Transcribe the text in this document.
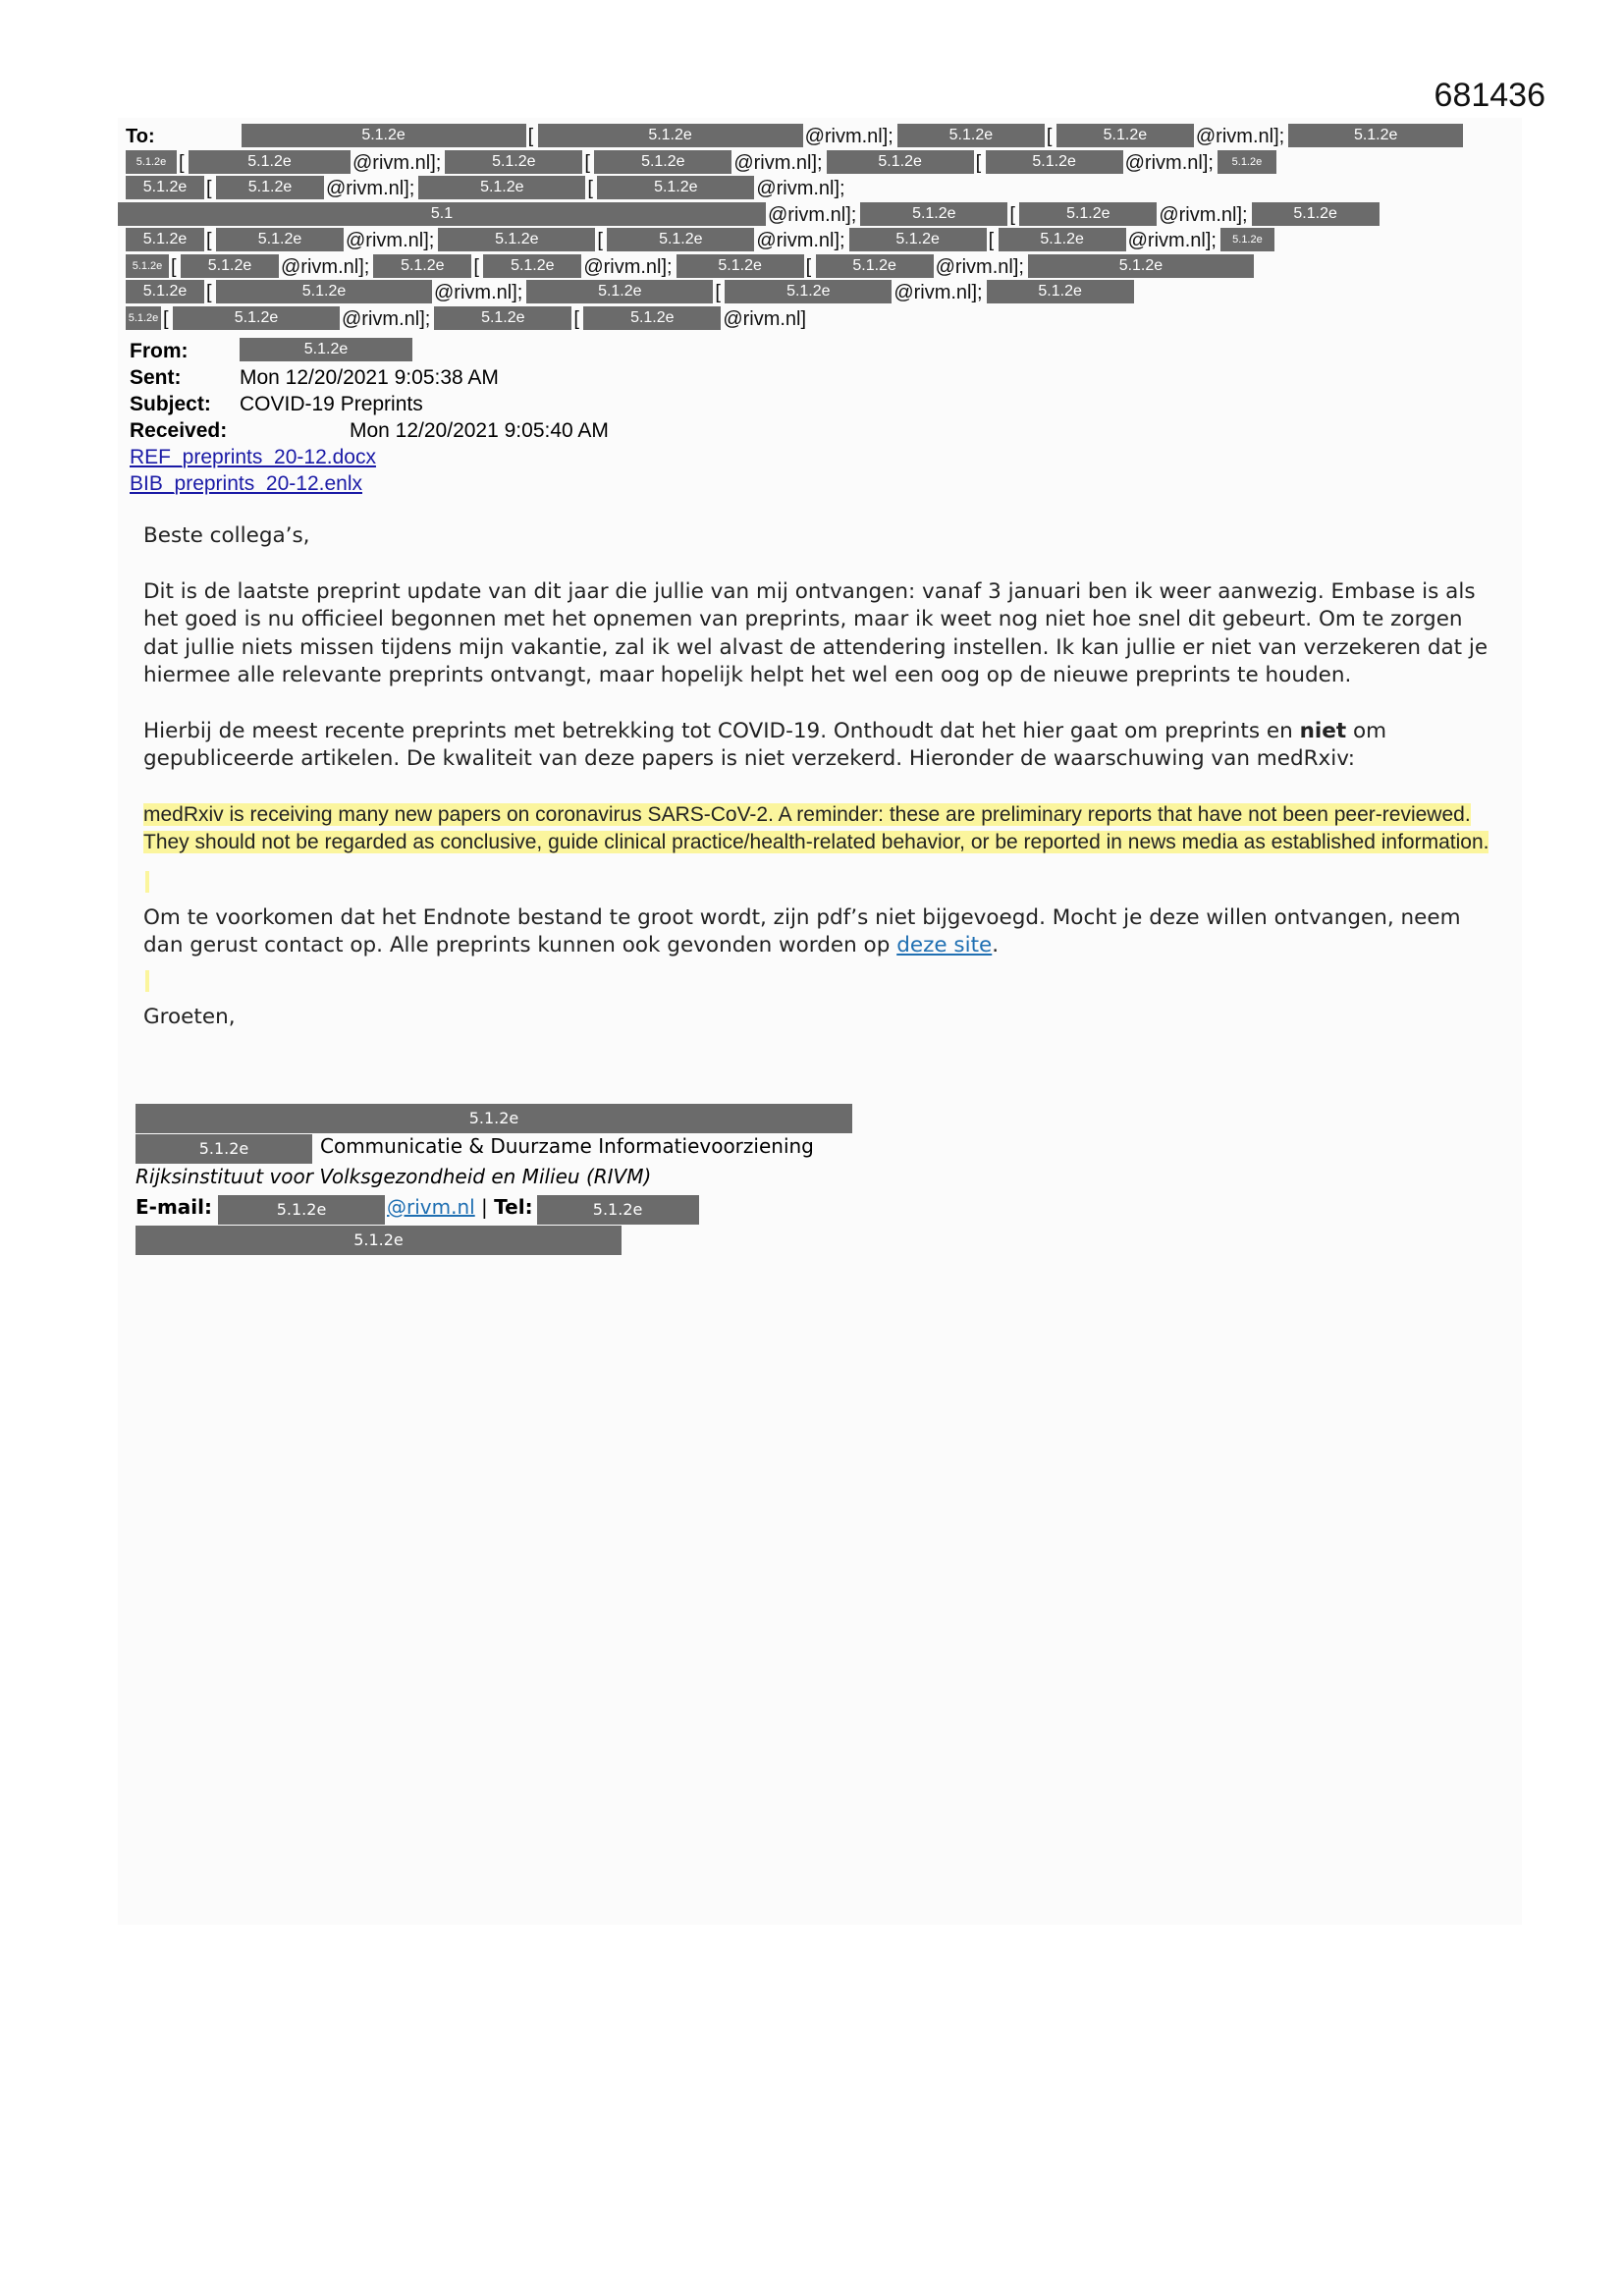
681436
To:	5.1.2e	[	5.1.2e	@rivm.nl];	5.1.2e	[	5.1.2e @rivm.nl];	5.1.2e
5.1.2e [	5.1.2e	@rivm.nl];	5.1.2e [	5.1.2e @rivm.nl];	5.1.2e	[	5.1.2e @rivm.nl]; 5.1.2e
5.1.2e [ 5.1.2e @rivm.nl];	5.1.2e	[	5.1.2e	@rivm.nl];
5.1	@rivm.nl];	5.1.2e	[	5.1.2e @rivm.nl];	5.1.2e
5.1.2e [	5.1.2e @rivm.nl];	5.1.2e	[	5.1.2e	@rivm.nl];	5.1.2e [	5.1.2e @rivm.nl]; 5.1.2e
5.1.2e [ 5.1.2e @rivm.nl]; 5.1.2e [ 5.1.2e @rivm.nl];	5.1.2e [	5.1.2e @rivm.nl];	5.1.2e
5.1.2e [	5.1.2e	@rivm.nl];	5.1.2e	[	5.1.2e	@rivm.nl];	5.1.2e
5.1.2e [	5.1.2e	@rivm.nl];	5.1.2e [	5.1.2e @rivm.nl]
From:	5.1.2e
Sent:	Mon 12/20/2021 9:05:38 AM
Subject: COVID-19 Preprints
Received:	Mon 12/20/2021 9:05:40 AM
REF_preprints_20-12.docx
BIB_preprints_20-12.enlx

Beste collega’s,

Dit is de laatste preprint update van dit jaar die jullie van mij ontvangen: vanaf 3 januari ben ik weer aanwezig. Embase is als het goed is nu officieel begonnen met het opnemen van preprints, maar ik weet nog niet hoe snel dit gebeurt. Om te zorgen dat jullie niets missen tijdens mijn vakantie, zal ik wel alvast de attendering instellen. Ik kan jullie er niet van verzekeren dat je hiermee alle relevante preprints ontvangt, maar hopelijk helpt het wel een oog op de nieuwe preprints te houden.

Hierbij de meest recente preprints met betrekking tot COVID-19. Onthoudt dat het hier gaat om preprints en niet om gepubliceerde artikelen. De kwaliteit van deze papers is niet verzekerd. Hieronder de waarschuwing van medRxiv:

medRxiv is receiving many new papers on coronavirus SARS-CoV-2. A reminder: these are preliminary reports that have not been peer-reviewed. They should not be regarded as conclusive, guide clinical practice/health-related behavior, or be reported in news media as established information.

Om te voorkomen dat het Endnote bestand te groot wordt, zijn pdf’s niet bijgevoegd. Mocht je deze willen ontvangen, neem dan gerust contact op. Alle preprints kunnen ook gevonden worden op deze site.

Groeten,

5.1.2e
5.1.2e	Communicatie & Duurzame Informatievoorziening
Rijksinstituut voor Volksgezondheid en Milieu (RIVM)
E-mail:	5.1.2e	@rivm.nl | Tel:	5.1.2e
5.1.2e
